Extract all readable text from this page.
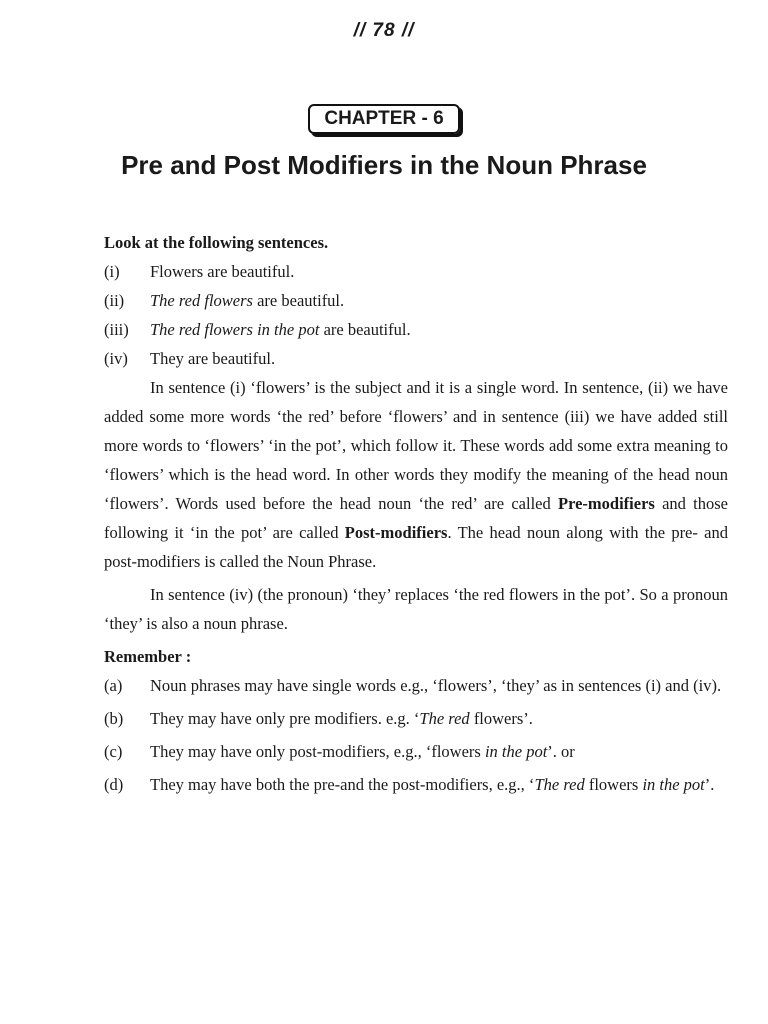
// 78 //
CHAPTER - 6
Pre and Post Modifiers in the Noun Phrase

Look at the following sentences.

(i)	Flowers are beautiful.
(ii)	The red flowers are beautiful.
(iii)	The red flowers in the pot are beautiful.
(iv)	They are beautiful.

In sentence (i) ‘flowers’ is the subject and it is a single word. In sentence, (ii) we have added some more words ‘the red’ before ‘flowers’ and in sentence (iii) we have added still more words to ‘flowers’ ‘in the pot’, which follow it. These words add some extra meaning to ‘flowers’ which is the head word. In other words they modify the meaning of the head noun ‘flowers’. Words used before the head noun ‘the red’ are called Pre-modifiers and those following it ‘in the pot’ are called Post-modifiers. The head noun along with the pre- and post-modifiers is called the Noun Phrase.

In sentence (iv) (the pronoun) ‘they’ replaces ‘the red flowers in the pot’. So a pronoun ‘they’ is also a noun phrase.

Remember :

(a)	Noun phrases may have single words e.g., ‘flowers’, ‘they’ as in sentences (i) and (iv).
(b)	They may have only pre modifiers. e.g. ‘The red flowers’.
(c)	They may have only post-modifiers, e.g., ‘flowers in the pot’. or
(d)	They may have both the pre-and the post-modifiers, e.g., ‘The red flowers in the pot’.
